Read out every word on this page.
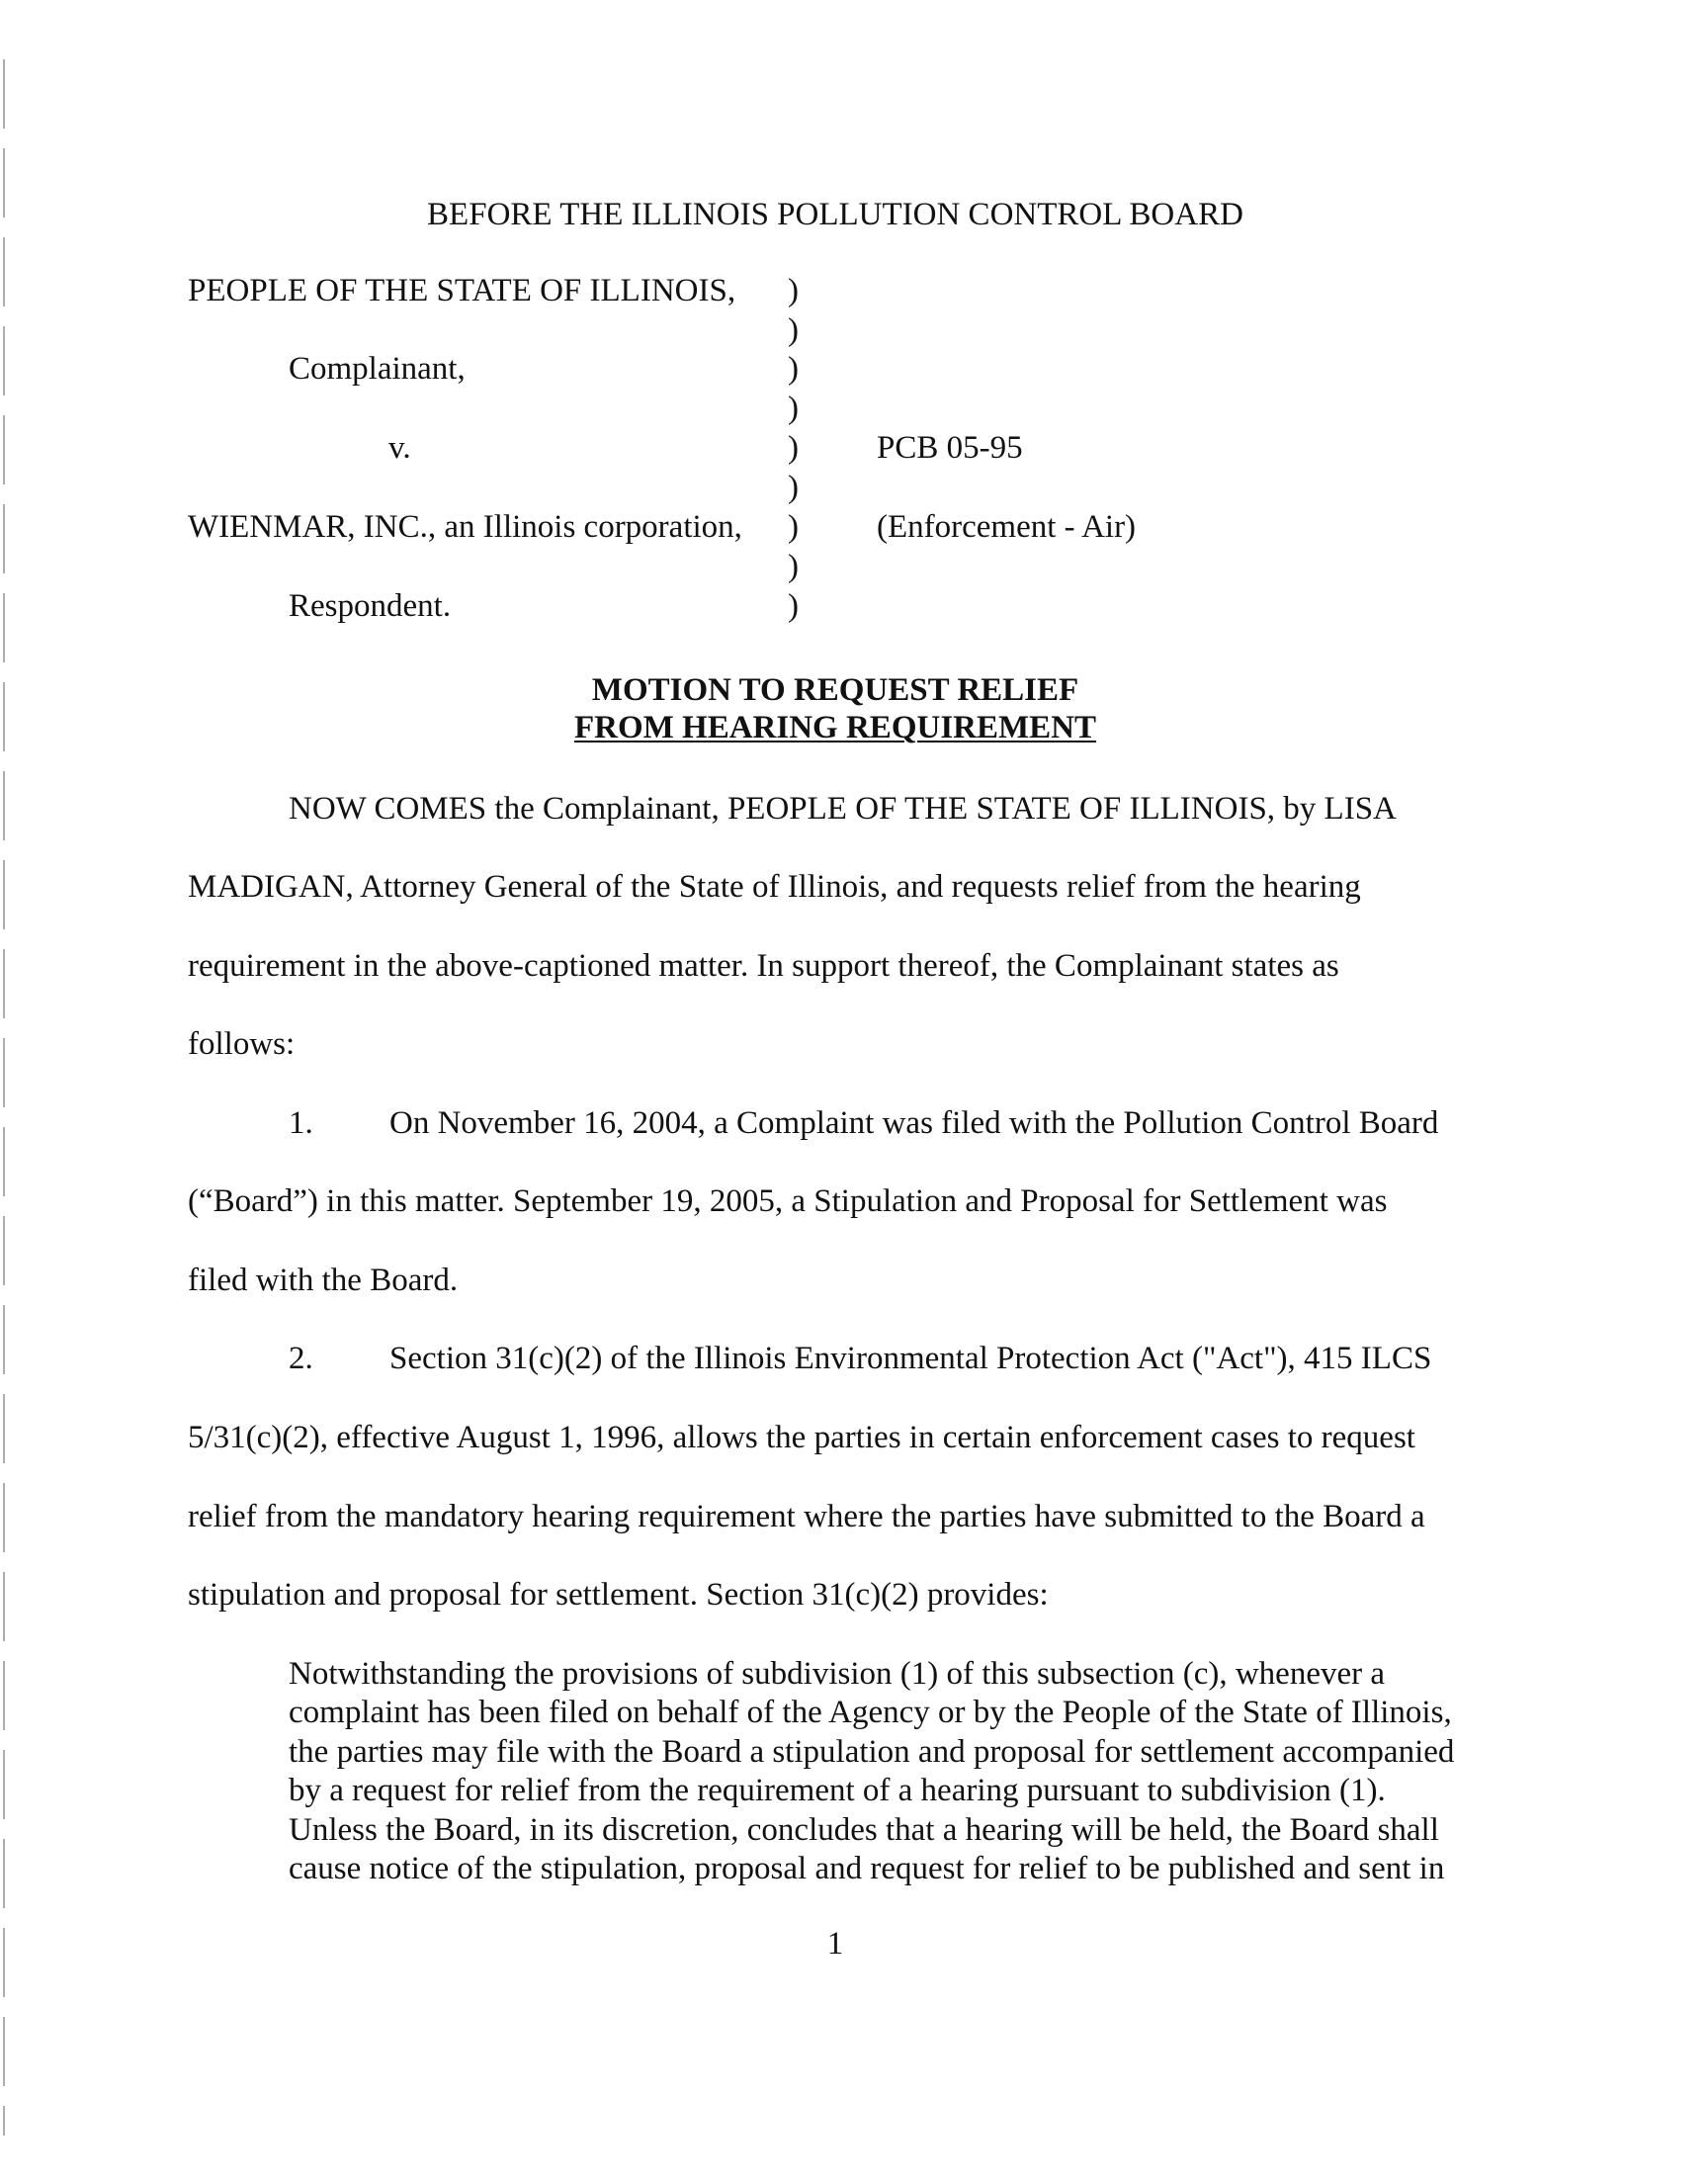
BEFORE THE ILLINOIS POLLUTION CONTROL BOARD
PEOPLE OF THE STATE OF ILLINOIS,
Complainant,
v.
WIENMAR, INC., an Illinois corporation,
Respondent.
)
)
)
)
)
)
)
)
)
PCB 05-95
(Enforcement - Air)
MOTION TO REQUEST RELIEF
FROM HEARING REQUIREMENT
NOW COMES the Complainant, PEOPLE OF THE STATE OF ILLINOIS, by LISA
MADIGAN, Attorney General of the State of Illinois, and requests relief from the hearing
requirement in the above-captioned matter. In support thereof, the Complainant states as
follows:
1. On November 16, 2004, a Complaint was filed with the Pollution Control Board
(“Board”) in this matter. September 19, 2005, a Stipulation and Proposal for Settlement was
filed with the Board.
2. Section 31(c)(2) of the Illinois Environmental Protection Act ("Act"), 415 ILCS
5/31(c)(2), effective August 1, 1996, allows the parties in certain enforcement cases to request
relief from the mandatory hearing requirement where the parties have submitted to the Board a
stipulation and proposal for settlement. Section 31(c)(2) provides:
Notwithstanding the provisions of subdivision (1) of this subsection (c), whenever a
complaint has been filed on behalf of the Agency or by the People of the State of Illinois,
the parties may file with the Board a stipulation and proposal for settlement accompanied
by a request for relief from the requirement of a hearing pursuant to subdivision (1).
Unless the Board, in its discretion, concludes that a hearing will be held, the Board shall
cause notice of the stipulation, proposal and request for relief to be published and sent in
1
